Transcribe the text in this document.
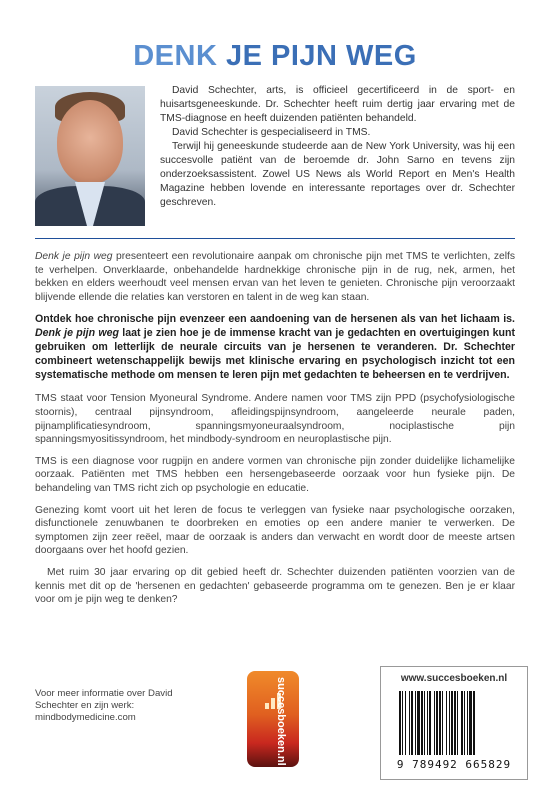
DENK JE PIJN WEG

David Schechter, arts, is officieel gecertificeerd in de sport- en huisartsgeneeskunde. Dr. Schechter heeft ruim dertig jaar ervaring met de TMS-diagnose en heeft duizenden patiënten behandeld.

David Schechter is gespecialiseerd in TMS.

Terwijl hij geneeskunde studeerde aan de New York University, was hij een succesvolle patiënt van de beroemde dr. John Sarno en tevens zijn onderzoeksassistent. Zowel US News als World Report en Men's Health Magazine hebben lovende en interessante reportages over dr. Schechter geschreven.

Denk je pijn weg presenteert een revolutionaire aanpak om chronische pijn met TMS te verlichten, zelfs te verhelpen. Onverklaarde, onbehandelde hardnekkige chronische pijn in de rug, nek, armen, het bekken en elders weerhoudt veel mensen ervan van het leven te genieten. Chronische pijn veroorzaakt blijvende ellende die relaties kan verstoren en talent in de weg kan staan.

Ontdek hoe chronische pijn evenzeer een aandoening van de hersenen als van het lichaam is. Denk je pijn weg laat je zien hoe je de immense kracht van je gedachten en overtuigingen kunt gebruiken om letterlijk de neurale circuits van je hersenen te veranderen. Dr. Schechter combineert wetenschappelijk bewijs met klinische ervaring en psychologisch inzicht tot een systematische methode om mensen te leren pijn met gedachten te beheersen en te verdrijven.

TMS staat voor Tension Myoneural Syndrome. Andere namen voor TMS zijn PPD (psychofysiologische stoornis), centraal pijnsyndroom, afleidingspijnsyndroom, aangeleerde neurale paden, pijnamplificatiesyndroom, spanningsmyoneuraalsyndroom, nociplastische pijn spanningsmyositissyndroom, het mindbody-syndroom en neuroplastische pijn.

TMS is een diagnose voor rugpijn en andere vormen van chronische pijn zonder duidelijke lichamelijke oorzaak. Patiënten met TMS hebben een hersengebaseerde oorzaak voor hun fysieke pijn. De behandeling van TMS richt zich op psychologie en educatie.

Genezing komt voort uit het leren de focus te verleggen van fysieke naar psychologische oorzaken, disfunctionele zenuwbanen te doorbreken en emoties op een andere manier te verwerken. De symptomen zijn zeer reëel, maar de oorzaak is anders dan verwacht en wordt door de meeste artsen doorgaans over het hoofd gezien.

Met ruim 30 jaar ervaring op dit gebied heeft dr. Schechter duizenden patiënten voorzien van de kennis met dit op de 'hersenen en gedachten' gebaseerde programma om te genezen. Ben je er klaar voor om je pijn weg te denken?

Voor meer informatie over David Schechter en zijn werk: mindbodymedicine.com	succesboeken.nl	www.succesboeken.nl
9 789492 665829
